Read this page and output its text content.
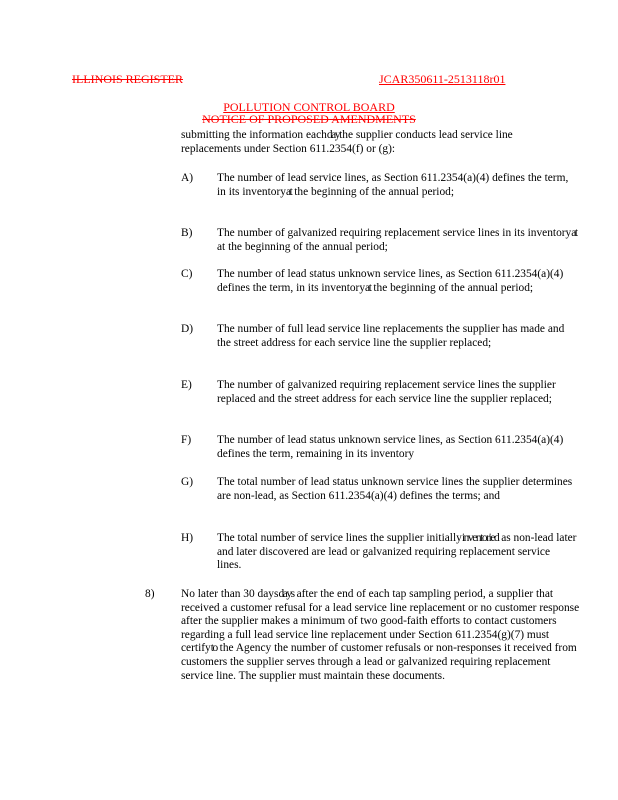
ILLINOIS REGISTER	JCAR350611-2513118r01
POLLUTION CONTROL BOARD
NOTICE OF PROPOSED AMENDMENTS
submitting the information eachdaythe supplier conducts lead service line replacements under Section 611.2354(f) or (g):
A) The number of lead service lines, as Section 611.2354(a)(4) defines the term, in its inventoryat the beginning of the annual period;
B) The number of galvanized requiring replacement service lines in its inventoryat at the beginning of the annual period;
C) The number of lead status unknown service lines, as Section 611.2354(a)(4) defines the term, in its inventoryat the beginning of the annual period;
D) The number of full lead service line replacements the supplier has made and the street address for each service line the supplier replaced;
E) The number of galvanized requiring replacement service lines the supplier replaced and the street address for each service line the supplier replaced;
F) The number of lead status unknown service lines, as Section 611.2354(a)(4) defines the term, remaining in its inventory
G) The total number of lead status unknown service lines the supplier determines are non-lead, as Section 611.2354(a)(4) defines the terms; and
H) The total number of service lines the supplier initiallyinventoried as non-lead later and later discovered are lead or galvanized requiring replacement service lines.
8) No later than 30 daysdays after the end of each tap sampling period, a supplier that received a customer refusal for a lead service line replacement or no customer response after the supplier makes a minimum of two good-faith efforts to contact customers regarding a full lead service line replacement under Section 611.2354(g)(7) must certifyto the Agency the number of customer refusals or non-responses it received from customers the supplier serves through a lead or galvanized requiring replacement service line. The supplier must maintain these documents.
